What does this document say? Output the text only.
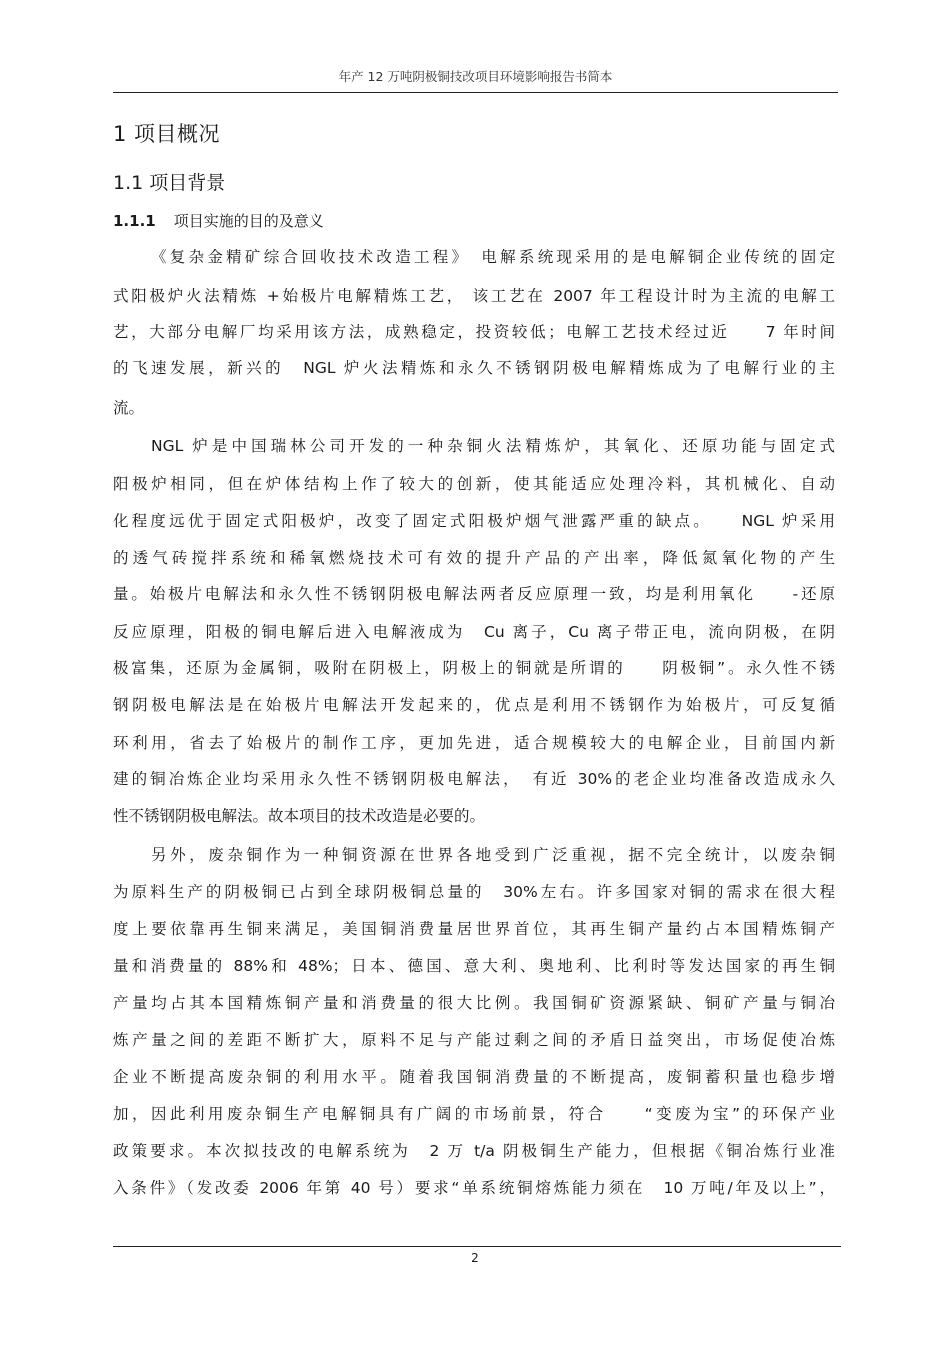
年产 12 万吨阴极铜技改项目环境影响报告书简本
1 项目概况
1.1 项目背景
1.1.1 项目实施的目的及意义
《复杂金精矿综合回收技术改造工程》　电解系统现采用的是电解铜企业传统的固定
式阳极炉火法精炼 +始极片电解精炼工艺， 该工艺在 2007 年工程设计时为主流的电解工
艺，大部分电解厂均采用该方法，成熟稳定，投资较低；电解工艺技术经过近　　7 年时间
的飞速发展，新兴的　NGL 炉火法精炼和永久不锈钢阴极电解精炼成为了电解行业的主
流。
NGL 炉是中国瑞林公司开发的一种杂铜火法精炼炉，其氧化、还原功能与固定式
阳极炉相同，但在炉体结构上作了较大的创新，使其能适应处理冷料，其机械化、自动
化程度远优于固定式阳极炉，改变了固定式阳极炉烟气泄露严重的缺点。　　NGL 炉采用
的透气砖搅拌系统和稀氧燃烧技术可有效的提升产品的产出率，降低氮氧化物的产生
量。始极片电解法和永久性不锈钢阴极电解法两者反应原理一致，均是利用氧化　　-还原
反应原理，阳极的铜电解后进入电解液成为　Cu 离子，Cu 离子带正电，流向阴极，在阴
极富集，还原为金属铜，吸附在阴极上，阴极上的铜就是所谓的　　阴极铜”。永久性不锈
钢阴极电解法是在始极片电解法开发起来的，优点是利用不锈钢作为始极片，可反复循
环利用，省去了始极片的制作工序，更加先进，适合规模较大的电解企业，目前国内新
建的铜冶炼企业均采用永久性不锈钢阴极电解法，　有近 30%的老企业均准备改造成永久
性不锈钢阴极电解法。故本项目的技术改造是必要的。
另外，废杂铜作为一种铜资源在世界各地受到广泛重视，据不完全统计，以废杂铜
为原料生产的阴极铜已占到全球阴极铜总量的　30%左右。许多国家对铜的需求在很大程
度上要依靠再生铜来满足，美国铜消费量居世界首位，其再生铜产量约占本国精炼铜产
量和消费量的 88%和 48%；日本、德国、意大利、奥地利、比利时等发达国家的再生铜
产量均占其本国精炼铜产量和消费量的很大比例。我国铜矿资源紧缺、铜矿产量与铜冶
炼产量之间的差距不断扩大，原料不足与产能过剩之间的矛盾日益突出，市场促使冶炼
企业不断提高废杂铜的利用水平。随着我国铜消费量的不断提高，废铜蓄积量也稳步增
加，因此利用废杂铜生产电解铜具有广阔的市场前景，符合　　“变废为宝”的环保产业
政策要求。本次拟技改的电解系统为　2 万 t/a 阴极铜生产能力，但根据《铜冶炼行业准
入条件》（发改委 2006 年第 40 号）要求“单系统铜熔炼能力须在　10 万吨/年及以上”，
2
